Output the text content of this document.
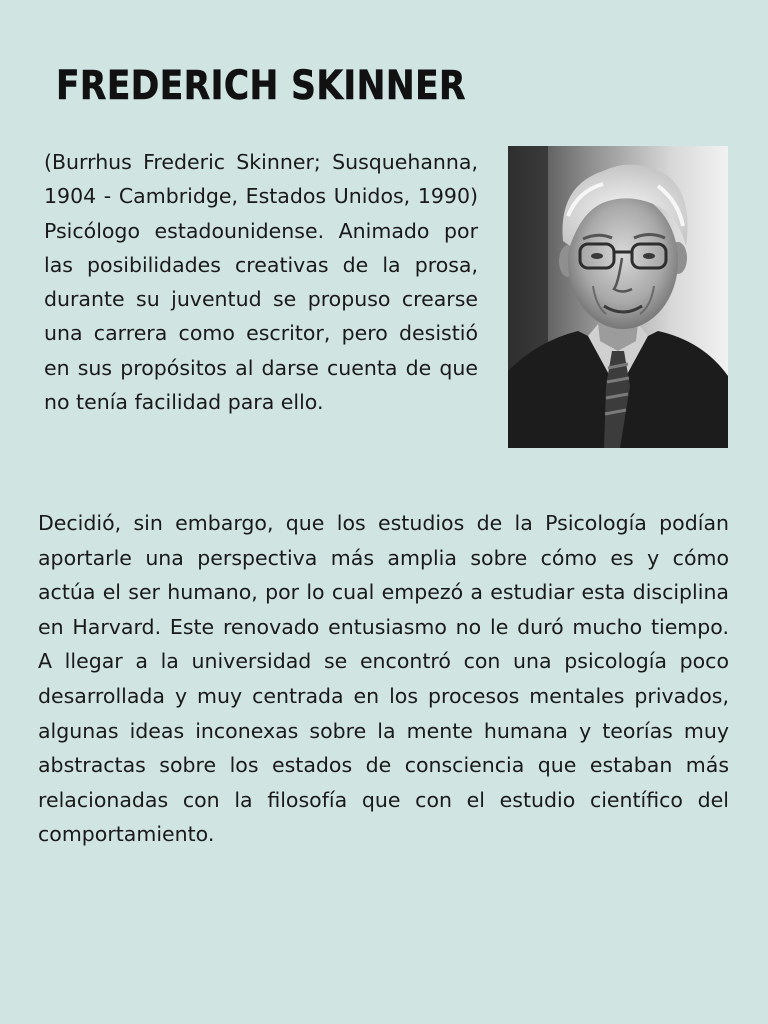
FREDERICH SKINNER

(Burrhus Frederic Skinner; Susquehanna, 1904 - Cambridge, Estados Unidos, 1990) Psicólogo estadounidense. Animado por las posibilidades creativas de la prosa, durante su juventud se propuso crearse una carrera como escritor, pero desistió en sus propósitos al darse cuenta de que no tenía facilidad para ello.

Decidió, sin embargo, que los estudios de la Psicología podían aportarle una perspectiva más amplia sobre cómo es y cómo actúa el ser humano, por lo cual empezó a estudiar esta disciplina en Harvard. Este renovado entusiasmo no le duró mucho tiempo. A llegar a la universidad se encontró con una psicología poco desarrollada y muy centrada en los procesos mentales privados, algunas ideas inconexas sobre la mente humana y teorías muy abstractas sobre los estados de consciencia que estaban más relacionadas con la filosofía que con el estudio científico del comportamiento.
